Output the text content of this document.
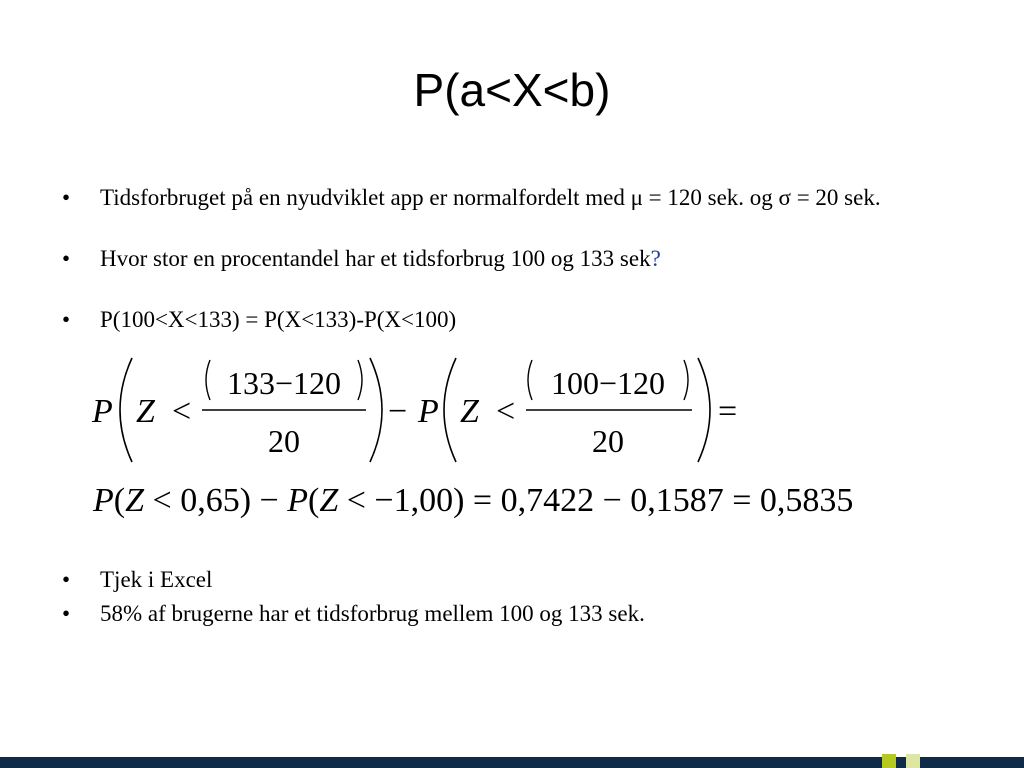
P(a<X<b)
• Tidsforbruget på en nyudviklet app er normalfordelt med μ = 120 sek. og σ = 20 sek.
• Hvor stor en procentandel har et tidsforbrug 100 og 133 sek?
• P(100<X<133) = P(X<133)-P(X<100)
P Z <
133−120
20
− P Z <
100−120
20
=
P(Z < 0,65) − P(Z < −1,00) = 0,7422 − 0,1587 = 0,5835
• Tjek i Excel
• 58% af brugerne har et tidsforbrug mellem 100 og 133 sek.
